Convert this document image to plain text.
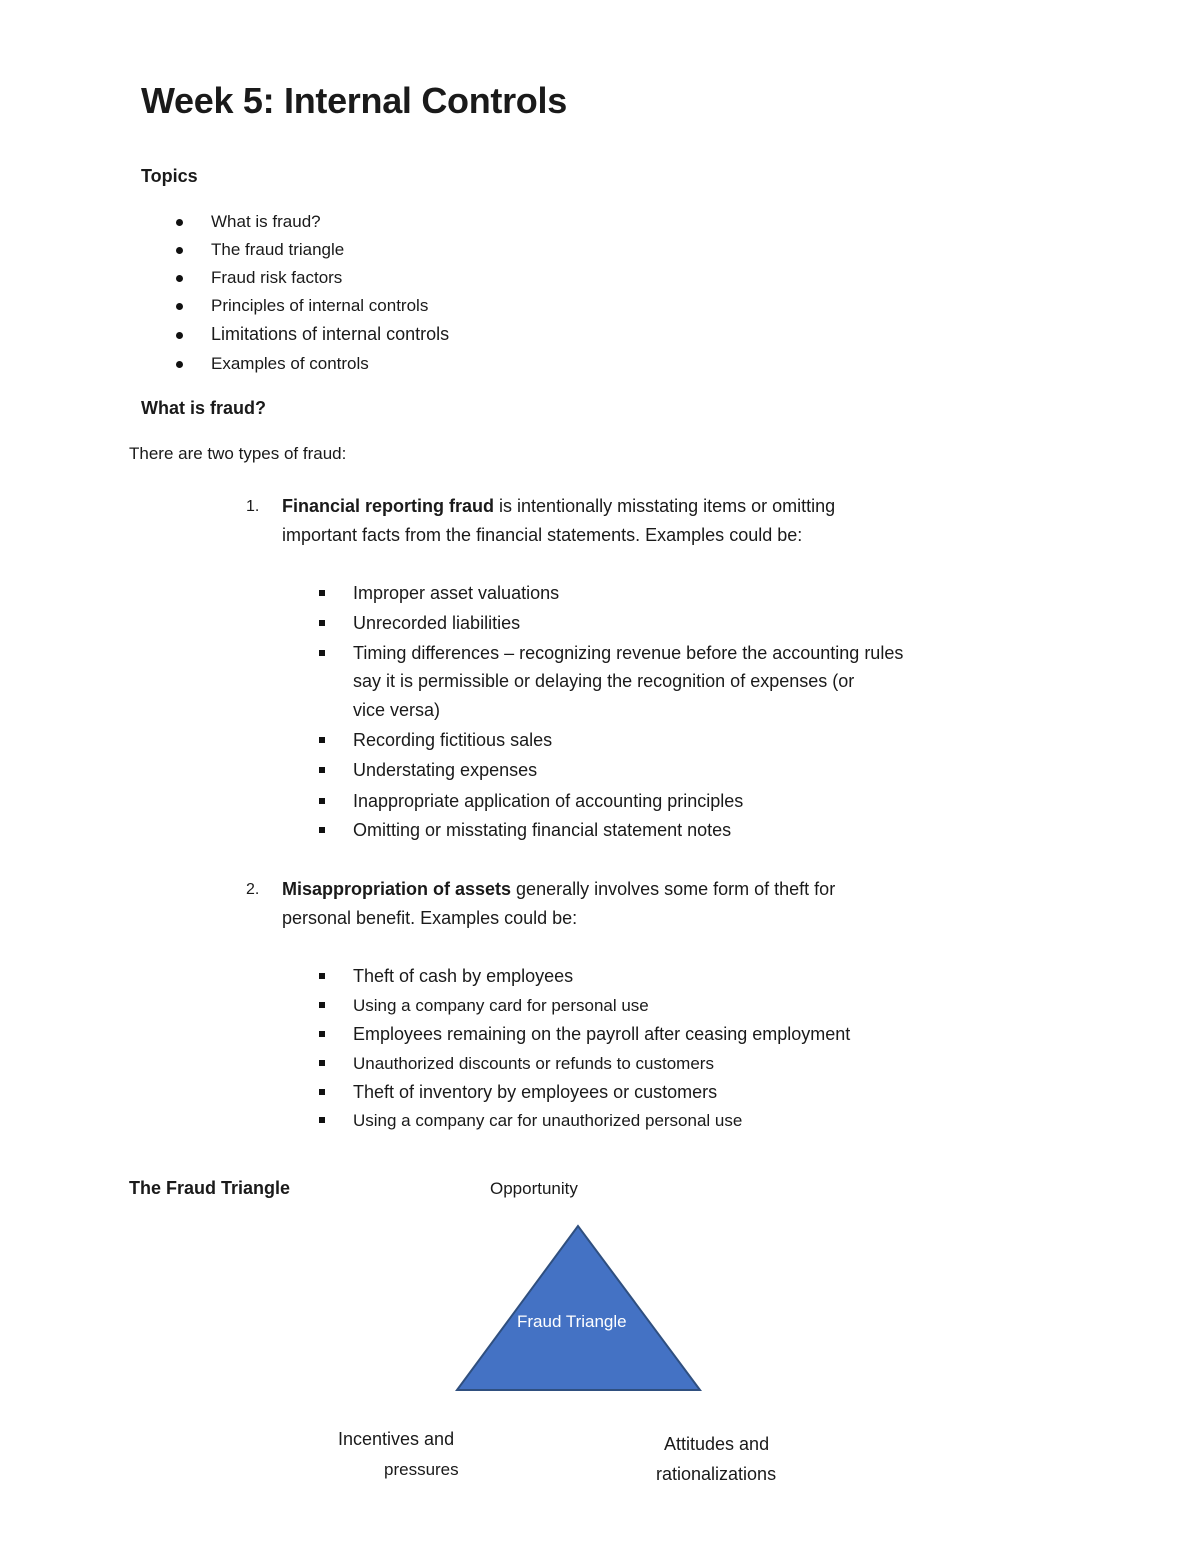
Week 5: Internal Controls
Topics
What is fraud?
The fraud triangle
Fraud risk factors
Principles of internal controls
Limitations of internal controls
Examples of controls
What is fraud?
There are two types of fraud:
1. Financial reporting fraud is intentionally misstating items or omitting
important facts from the financial statements. Examples could be:
Improper asset valuations
Unrecorded liabilities
Timing differences – recognizing revenue before the accounting rules
say it is permissible or delaying the recognition of expenses (or
vice versa)
Recording fictitious sales
Understating expenses
Inappropriate application of accounting principles
Omitting or misstating financial statement notes
2. Misappropriation of assets generally involves some form of theft for
personal benefit. Examples could be:
Theft of cash by employees
Using a company card for personal use
Employees remaining on the payroll after ceasing employment
Unauthorized discounts or refunds to customers
Theft of inventory by employees or customers
Using a company car for unauthorized personal use
The Fraud Triangle	Opportunity
Fraud Triangle
Incentives and
pressures
Attitudes and
rationalizations
